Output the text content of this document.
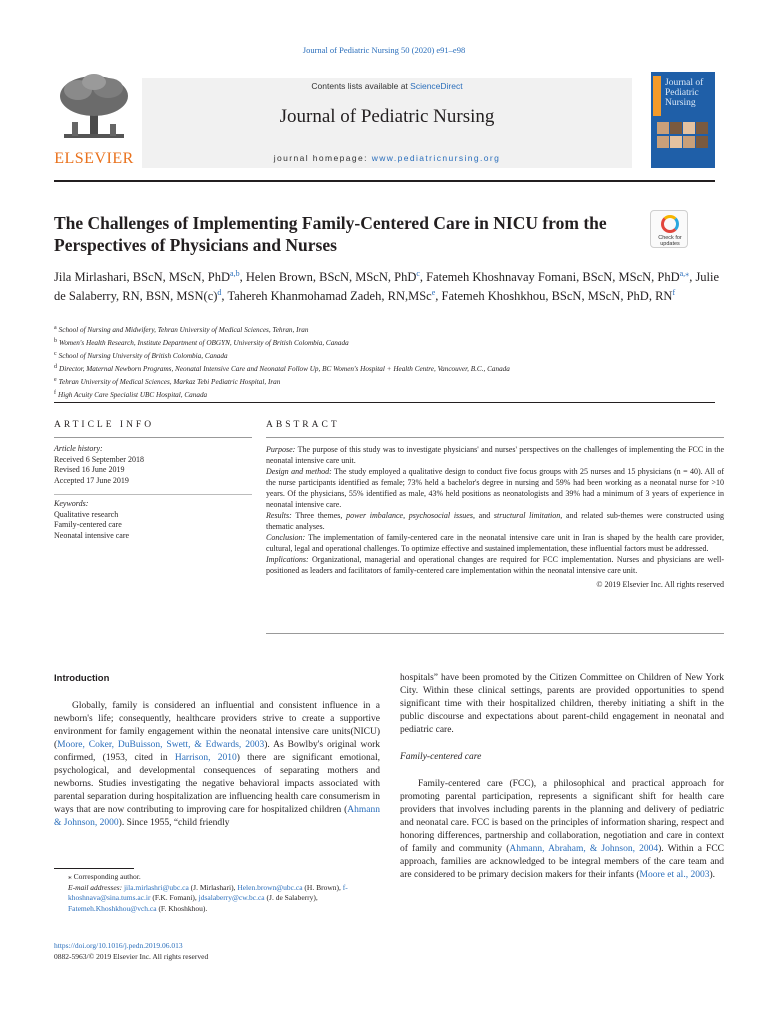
Journal of Pediatric Nursing 50 (2020) e91–e98
ELSEVIER
Contents lists available at ScienceDirect
Journal of Pediatric Nursing
journal homepage: www.pediatricnursing.org
Journal of Pediatric Nursing
The Challenges of Implementing Family-Centered Care in NICU from the Perspectives of Physicians and Nurses	Check for updates
Jila Mirlashari, BScN, MScN, PhD$^{a,b}$, Helen Brown, BScN, MScN, PhD$^c$, Fatemeh Khoshnavay Fomani, BScN, MScN, PhD$^{a,⁎}$, Julie de Salaberry, RN, BSN, $MSN(c)^d$, Tahereh Khanmohamad Zadeh, RN,MSc$^e$, Fatemeh Khoshkhou, BScN, MScN, PhD, $RN^f$
$^a$ School of Nursing and Midwifery, Tehran University of Medical Sciences, Tehran, Iran
$^b$ Women's Health Research, Institute Department of OBGYN, University of British Colombia, Canada
$^c$ School of Nursing University of British Colombia, Canada
$^d$ Director, Maternal Newborn Programs, Neonatal Intensive Care and Neonatal Follow Up, BC Women's Hospital + Health Centre, Vancouver, B.C., Canada
$^e$ Tehran University of Medical Sciences, Markaz Tebi Pediatric Hospital, Iran
$^f$ High Acuity Care Specialist UBC Hospital, Canada
ARTICLE INFO	ABSTRACT
Article history:
Received 6 September 2018
Revised 16 June 2019
Accepted 17 June 2019
Keywords:
Qualitative research
Family-centered care
Neonatal intensive care
Purpose: The purpose of this study was to investigate physicians' and nurses' perspectives on the challenges of implementing the FCC in the neonatal intensive care unit.
Design and method: The study employed a qualitative design to conduct five focus groups with 25 nurses and 15 physicians (n = 40). All of the nurse participants identified as female; 73% held a bachelor's degree in nursing and 59% had been working as a neonatal nurse for >10 years. Of the physicians, 55% identified as male, 43% held positions as neonatologists and 39% had a minimum of 3 years of experience in neonatal intensive care.
Results: Three themes, power imbalance, psychosocial issues, and structural limitation, and related sub-themes were constructed using thematic analyses.
Conclusion: The implementation of family-centered care in the neonatal intensive care unit in Iran is shaped by the health care provider, cultural, legal and operational challenges. To optimize effective and sustained implementation, these influential factors must be addressed.
Implications: Organizational, managerial and operational changes are required for FCC implementation. Nurses and physicians are well-positioned as leaders and facilitators of family-centered care implementation within the neonatal intensive care unit.
© 2019 Elsevier Inc. All rights reserved
Introduction

Globally, family is considered an influential and consistent influence in a newborn's life; consequently, healthcare providers strive to create a supportive environment for family engagement within the neonatal intensive care units(NICU) (Moore, Coker, DuBuisson, Swett, & Edwards, 2003). As Bowlby's original work confirmed, (1953, cited in Harrison, 2010) there are significant emotional, psychological, and developmental consequences of separating mothers and newborns. Studies investigating the negative behavioral impacts associated with parental separation during hospitalization are influencing health care consumerism in ways that are now contributing to improving care for hospitalized children (Ahmann & Johnson, 2000). Since 1955, “child friendly

hospitals” have been promoted by the Citizen Committee on Children of New York City. Within these clinical settings, parents are provided opportunities to spend significant time with their hospitalized children, thereby initiating a shift in the public discourse and expectations about parent-child engagement in neonatal and pediatric care.

Family-centered care

Family-centered care (FCC), a philosophical and practical approach for promoting parental participation, represents a significant shift for health care providers that involves including parents in the planning and delivery of pediatric and neonatal care. FCC is based on the principles of information sharing, respect and honoring differences, partnership and collaboration, negotiation and care in context of family and community (Ahmann, Abraham, & Johnson, 2004). Within a FCC approach, families are acknowledged to be integral members of the care team and are considered to be primary decision makers for their infants (Moore et al., 2003).

⁎ Corresponding author.
E-mail addresses: jila.mirlashri@ubc.ca (J. Mirlashari), Helen.brown@ubc.ca (H. Brown), f-khoshnava@sina.tums.ac.ir (F.K. Fomani), jdsalaberry@cw.bc.ca (J. de Salaberry), Fatemeh.Khoshkhou@vch.ca (F. Khoshkhou).
https://doi.org/10.1016/j.pedn.2019.06.013
0882-5963/© 2019 Elsevier Inc. All rights reserved
